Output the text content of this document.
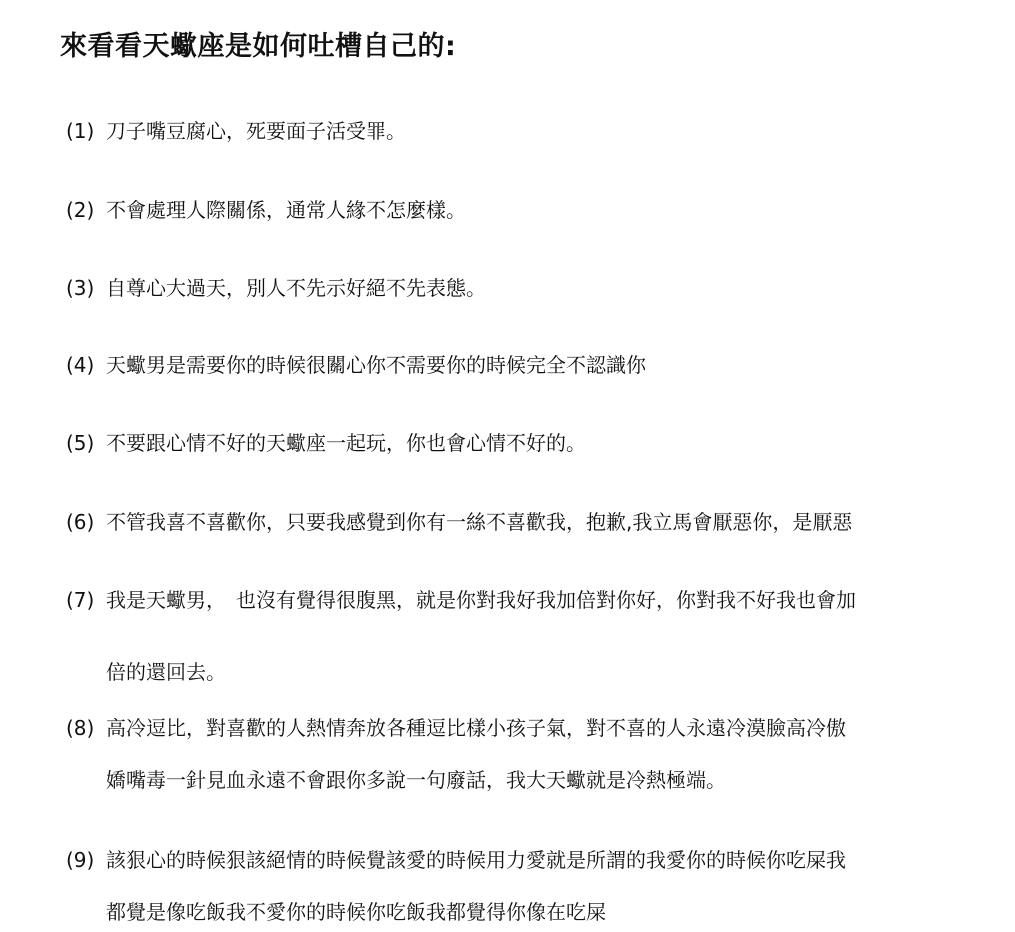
來看看天蠍座是如何吐槽自己的:
(1) 刀子嘴豆腐心，死要面子活受罪。
(2) 不會處理人際關係，通常人緣不怎麼樣。
(3) 自尊心大過天，別人不先示好絕不先表態。
(4) 天蠍男是需要你的時候很關心你不需要你的時候完全不認識你
(5) 不要跟心情不好的天蠍座一起玩，你也會心情不好的。
(6) 不管我喜不喜歡你，只要我感覺到你有一絲不喜歡我，抱歉,我立馬會厭惡你，是厭惡
(7) 我是天蠍男，　也沒有覺得很腹黑，就是你對我好我加倍對你好，你對我不好我也會加
倍的還回去。
(8) 高冷逗比，對喜歡的人熱情奔放各種逗比樣小孩子氣，對不喜的人永遠冷漠臉高冷傲
嬌嘴毒一針見血永遠不會跟你多說一句廢話，我大天蠍就是冷熱極端。
(9) 該狠心的時候狠該絕情的時候覺該愛的時候用力愛就是所謂的我愛你的時候你吃屎我
都覺是像吃飯我不愛你的時候你吃飯我都覺得你像在吃屎
